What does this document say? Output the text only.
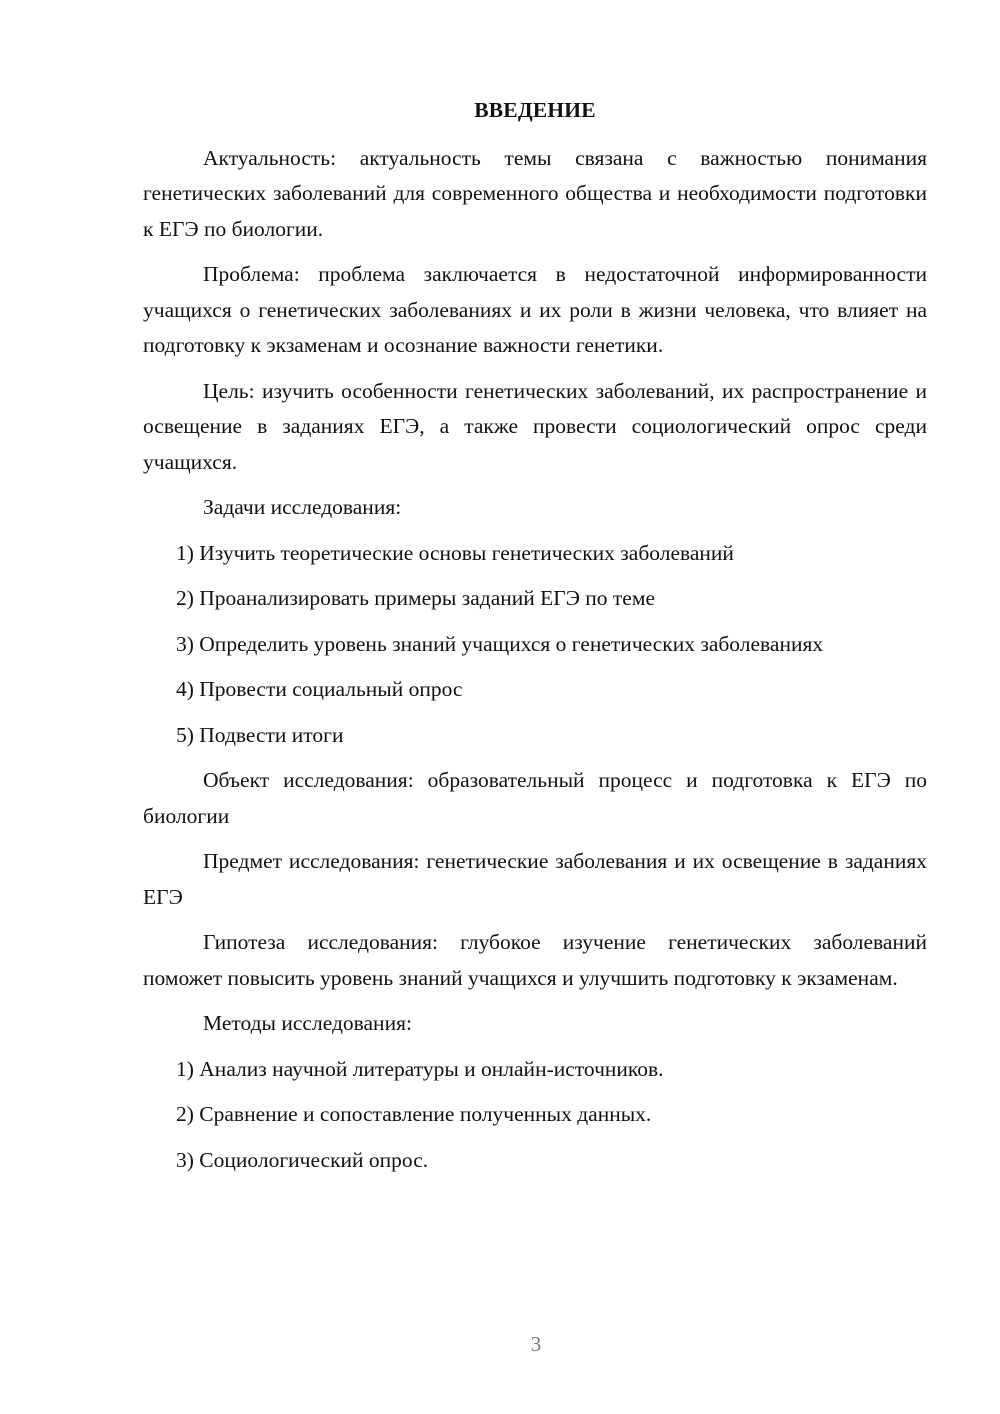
ВВЕДЕНИЕ

Актуальность: актуальность темы связана с важностью понимания генетических заболеваний для современного общества и необходимости подготовки к ЕГЭ по биологии.

Проблема: проблема заключается в недостаточной информированности учащихся о генетических заболеваниях и их роли в жизни человека, что влияет на подготовку к экзаменам и осознание важности генетики.

Цель: изучить особенности генетических заболеваний, их распространение и освещение в заданиях ЕГЭ, а также провести социологический опрос среди учащихся.

Задачи исследования:

1) Изучить теоретические основы генетических заболеваний
2) Проанализировать примеры заданий ЕГЭ по теме
3) Определить уровень знаний учащихся о генетических заболеваниях
4) Провести социальный опрос
5) Подвести итоги

Объект исследования: образовательный процесс и подготовка к ЕГЭ по биологии

Предмет исследования: генетические заболевания и их освещение в заданиях ЕГЭ

Гипотеза исследования: глубокое изучение генетических заболеваний поможет повысить уровень знаний учащихся и улучшить подготовку к экзаменам.

Методы исследования:

1) Анализ научной литературы и онлайн-источников.
2) Сравнение и сопоставление полученных данных.
3) Социологический опрос.
3
